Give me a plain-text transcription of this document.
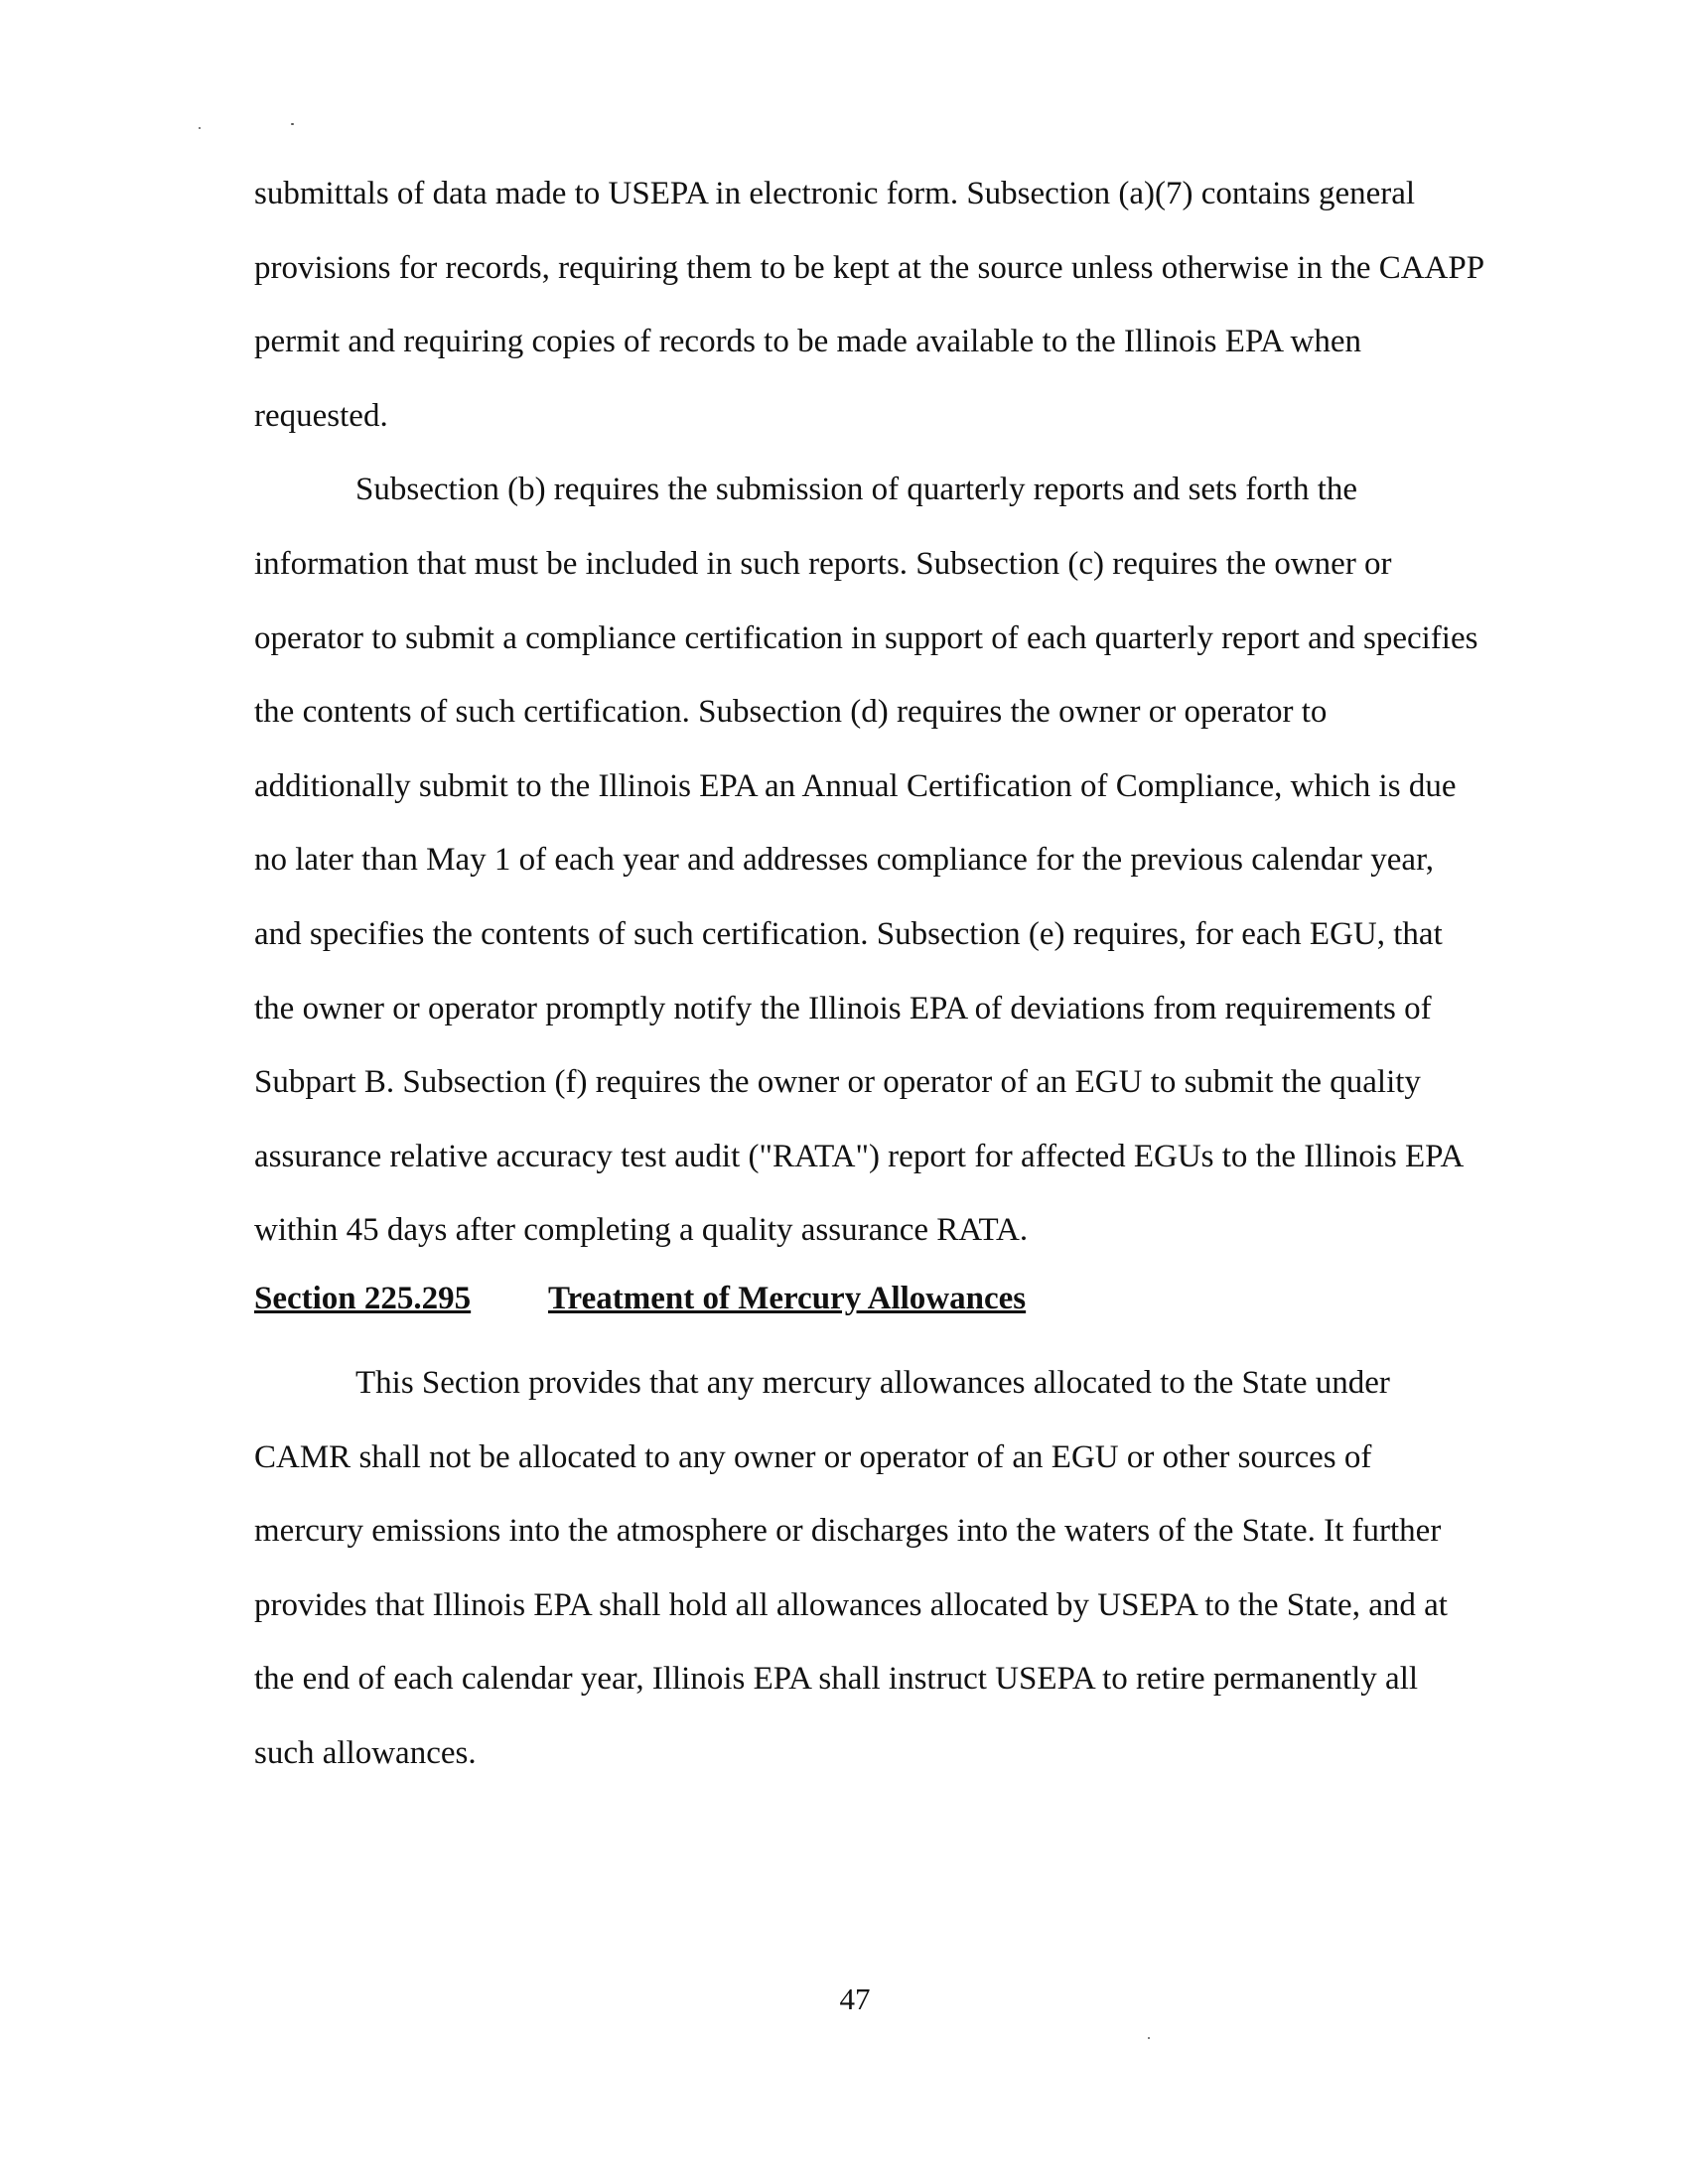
submittals of data made to USEPA in electronic form. Subsection (a)(7) contains general provisions for records, requiring them to be kept at the source unless otherwise in the CAAPP permit and requiring copies of records to be made available to the Illinois EPA when requested.

Subsection (b) requires the submission of quarterly reports and sets forth the information that must be included in such reports. Subsection (c) requires the owner or operator to submit a compliance certification in support of each quarterly report and specifies the contents of such certification. Subsection (d) requires the owner or operator to additionally submit to the Illinois EPA an Annual Certification of Compliance, which is due no later than May 1 of each year and addresses compliance for the previous calendar year, and specifies the contents of such certification. Subsection (e) requires, for each EGU, that the owner or operator promptly notify the Illinois EPA of deviations from requirements of Subpart B. Subsection (f) requires the owner or operator of an EGU to submit the quality assurance relative accuracy test audit ("RATA") report for affected EGUs to the Illinois EPA within 45 days after completing a quality assurance RATA.

Section 225.295 Treatment of Mercury Allowances

This Section provides that any mercury allowances allocated to the State under CAMR shall not be allocated to any owner or operator of an EGU or other sources of mercury emissions into the atmosphere or discharges into the waters of the State. It further provides that Illinois EPA shall hold all allowances allocated by USEPA to the State, and at the end of each calendar year, Illinois EPA shall instruct USEPA to retire permanently all such allowances.

47
